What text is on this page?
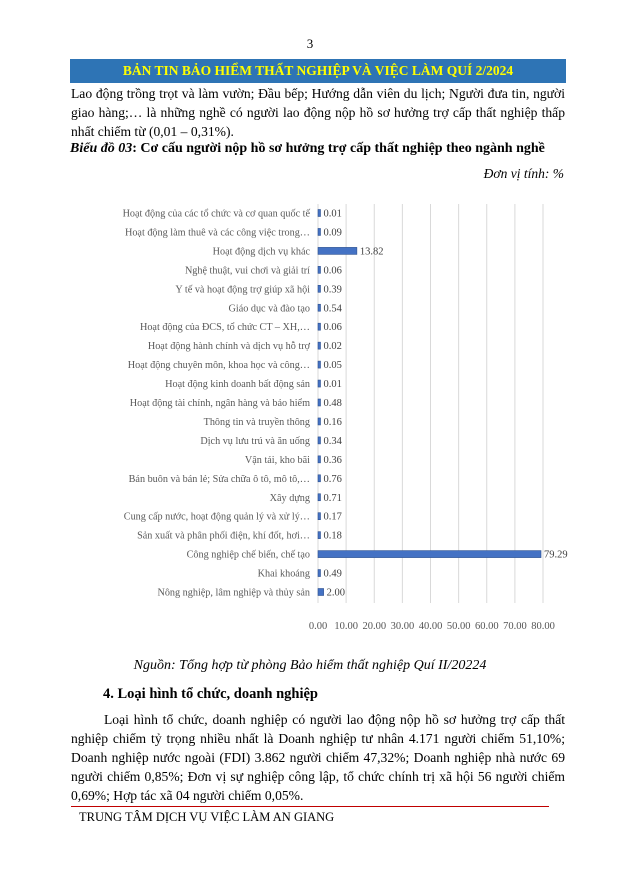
3
BẢN TIN BẢO HIỂM THẤT NGHIỆP VÀ VIỆC LÀM QUÍ 2/2024
Lao động trồng trọt và làm vườn; Đầu bếp; Hướng dẫn viên du lịch; Người đưa tin, người giao hàng;… là những nghề có người lao động nộp hồ sơ hưởng trợ cấp thất nghiệp thấp nhất chiếm từ (0,01 – 0,31%).
Biểu đồ 03: Cơ cấu người nộp hồ sơ hưởng trợ cấp thất nghiệp theo ngành nghề
Đơn vị tính: %
0.00 10.00 20.00 30.00 40.00 50.00 60.00 70.00 80.00
Hoạt động của các tổ chức và cơ quan quốc tế 0.01
Hoạt động làm thuê và các công việc trong… 0.09
Hoạt động dịch vụ khác	13.82
Nghệ thuật, vui chơi và giải trí 0.06
Y tế và hoạt động trợ giúp xã hội 0.39
Giáo dục và đào tạo 0.54
Hoạt động của ĐCS, tổ chức CT – XH,… 0.06
Hoạt động hành chính và dịch vụ hỗ trợ 0.02
Hoạt động chuyên môn, khoa học và công… 0.05
Hoạt động kinh doanh bất động sản 0.01
Hoạt động tài chính, ngân hàng và bảo hiểm 0.48
Thông tin và truyền thông 0.16
Dịch vụ lưu trú và ăn uống 0.34
Vận tải, kho bãi 0.36
Bán buôn và bán lẻ; Sửa chữa ô tô, mô tô,… 0.76
Xây dựng 0.71
Cung cấp nước, hoạt động quản lý và xử lý… 0.17
Sản xuất và phân phối điện, khí đốt, hơi… 0.18
Công nghiệp chế biến, chế tạo	79.29
Khai khoáng 0.49
Nông nghiệp, lâm nghiệp và thủy sản 2.00
Nguồn: Tổng hợp từ phòng Bảo hiểm thất nghiệp Quí II/20224
4. Loại hình tổ chức, doanh nghiệp
Loại hình tổ chức, doanh nghiệp có người lao động nộp hồ sơ hưởng trợ cấp thất nghiệp chiếm tỷ trọng nhiều nhất là Doanh nghiệp tư nhân 4.171 người chiếm 51,10%; Doanh nghiệp nước ngoài (FDI) 3.862 người chiếm 47,32%; Doanh nghiệp nhà nước 69 người chiếm 0,85%; Đơn vị sự nghiệp công lập, tổ chức chính trị xã hội 56 người chiếm 0,69%; Hợp tác xã 04 người chiếm 0,05%.
TRUNG TÂM DỊCH VỤ VIỆC LÀM AN GIANG
